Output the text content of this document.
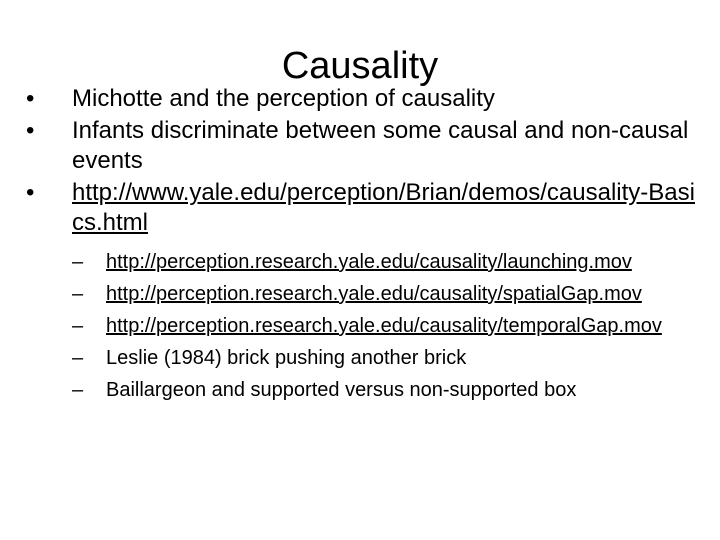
Causality
•	Michotte and the perception of causality
•	Infants discriminate between some causal and non-causal events
•	http://www.yale.edu/perception/Brian/demos/causality-Basics.html
–	http://perception.research.yale.edu/causality/launching.mov
–	http://perception.research.yale.edu/causality/spatialGap.mov
–	http://perception.research.yale.edu/causality/temporalGap.mov
–	Leslie (1984) brick pushing another brick
–	Baillargeon and supported versus non-supported box
